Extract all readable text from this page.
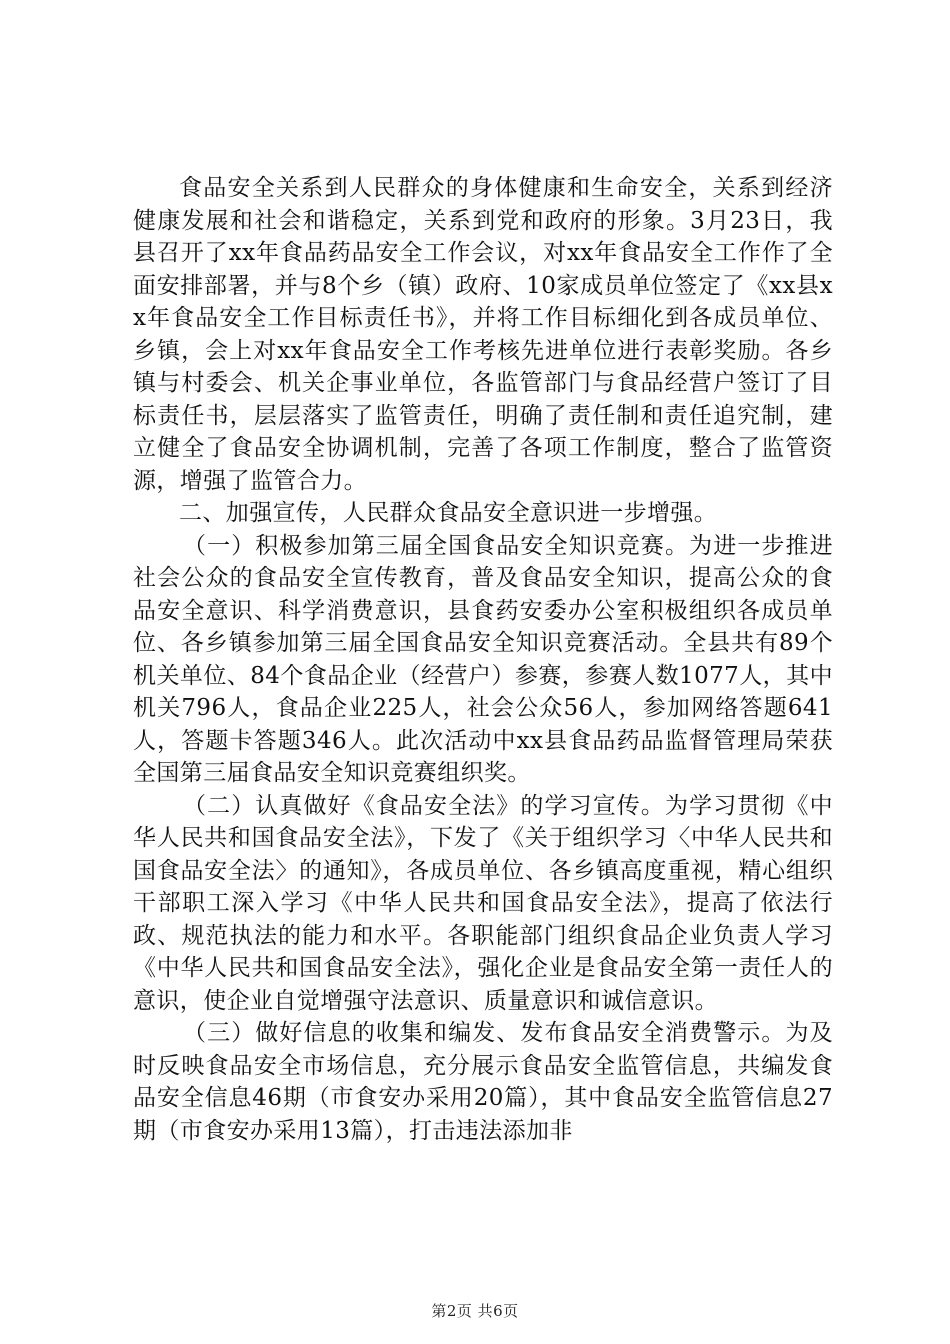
食品安全关系到人民群众的身体健康和生命安全，关系到经济健康发展和社会和谐稳定，关系到党和政府的形象。3月23日，我县召开了xx年食品药品安全工作会议，对xx年食品安全工作作了全面安排部署，并与8个乡（镇）政府、10家成员单位签定了《xx县xx年食品安全工作目标责任书》，并将工作目标细化到各成员单位、乡镇，会上对xx年食品安全工作考核先进单位进行表彰奖励。各乡镇与村委会、机关企事业单位，各监管部门与食品经营户签订了目标责任书，层层落实了监管责任，明确了责任制和责任追究制，建立健全了食品安全协调机制，完善了各项工作制度，整合了监管资源，增强了监管合力。

二、加强宣传，人民群众食品安全意识进一步增强。

（一）积极参加第三届全国食品安全知识竞赛。为进一步推进社会公众的食品安全宣传教育，普及食品安全知识，提高公众的食品安全意识、科学消费意识，县食药安委办公室积极组织各成员单位、各乡镇参加第三届全国食品安全知识竞赛活动。全县共有89个机关单位、84个食品企业（经营户）参赛，参赛人数1077人，其中机关796人，食品企业225人，社会公众56人，参加网络答题641人，答题卡答题346人。此次活动中xx县食品药品监督管理局荣获全国第三届食品安全知识竞赛组织奖。

（二）认真做好《食品安全法》的学习宣传。为学习贯彻《中华人民共和国食品安全法》，下发了《关于组织学习〈中华人民共和国食品安全法〉的通知》，各成员单位、各乡镇高度重视，精心组织干部职工深入学习《中华人民共和国食品安全法》，提高了依法行政、规范执法的能力和水平。各职能部门组织食品企业负责人学习《中华人民共和国食品安全法》，强化企业是食品安全第一责任人的意识，使企业自觉增强守法意识、质量意识和诚信意识。

（三）做好信息的收集和编发、发布食品安全消费警示。为及时反映食品安全市场信息，充分展示食品安全监管信息，共编发食品安全信息46期（市食安办采用20篇），其中食品安全监管信息27期（市食安办采用13篇），打击违法添加非

第2页 共6页
